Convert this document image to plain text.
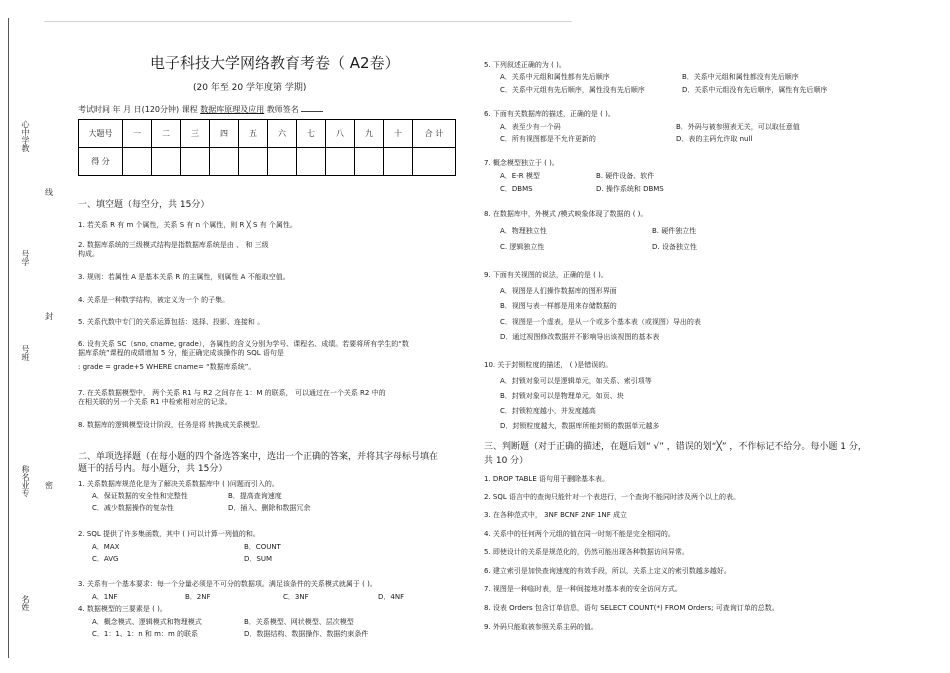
…………………………………………………………………………………………………………………………………………………………………………………………………………………………………………
心中学教
号学
号班
称名业专
名姓
线
封
密
电子科技大学网络教育考卷（ A2卷）
(20 年至 20 学年度第 学期)
考试时间 年 月 日(120分钟) 课程 数据库原理及应用 教师签名
大题号	一	二	三	四	五	六	七	八	九	十	合 计
得 分											
一、填空题（每空分，共 15分）
1. 若关系 R 有 m 个属性，关系 S 有 n 个属性，则 R ╳ S 有 个属性。
2. 数据库系统的三级模式结构是指数据库系统是由 、 和 三级
构成。
3. 规则：若属性 A 是基本关系 R 的主属性，则属性 A 不能取空值。
4. 关系是一种数学结构，被定义为一个 的子集。
5. 关系代数中专门的关系运算包括：选择、投影、连接和 。
6. 设有关系 SC（sno, cname, grade），各属性的含义分别为学号、课程名、成绩。若要将所有学生的“数
据库系统”课程的成绩增加 5 分，能正确完成该操作的 SQL 语句是
: grade = grade+5 WHERE cname= “数据库系统”。
7. 在关系数据模型中， 两个关系 R1 与 R2 之间存在 1：M 的联系， 可以通过在一个关系 R2 中的
在相关联的另一个关系 R1 中检索相对应的记录。
8. 数据库的逻辑模型设计阶段，任务是将 转换成关系模型。
二、单项选择题（在每小题的四个备选答案中，选出一个正确的答案，并将其字母标号填在
题干的括号内。每小题分，共 15分）
1. 关系数据库规范化是为了解决关系数据库中 ( )问题而引入的。
A．保证数据的安全性和完整性	B．提高查询速度
C．减少数据操作的复杂性	D．插入、删除和数据冗余
2. SQL 提供了许多集函数，其中 ( )可以计算一列值的和。
A．MAX	B．COUNT
C．AVG	D．SUM
3. 关系有一个基本要求：每一个分量必须是不可分的数据项。满足该条件的关系模式就属于 ( )。
A．1NF	B．2NF	C．3NF	D．4NF
4. 数据模型的三要素是 ( )。
A．概念模式、逻辑模式和物理模式	B．关系模型、网状模型、层次模型
C．1：1、1：n 和 m：m 的联系	D．数据结构、数据操作、数据约束条件
5. 下列叙述正确的为 ( )。
A．关系中元组和属性都有先后顺序	B．关系中元组和属性都没有先后顺序
C．关系中元组有先后顺序，属性没有先后顺序	D．关系中元组没有先后顺序，属性有先后顺序
6. 下面有关数据库的描述，正确的是 ( )。
A．表至少有一个码	B．外码与被参照表无关，可以取任意值
C．所有视图都是不允许更新的	D．表的主码允许取 null
7. 概念模型独立于 ( )。
A．E-R 模型	B. 硬件设备、软件
C．DBMS	D. 操作系统和 DBMS
8. 在数据库中，外模式 /模式映象体现了数据的 ( )。
A．物理独立性	B. 硬件独立性
C. 逻辑独立性	D. 设备独立性
9. 下面有关视图的说法，正确的是 ( )。
A．视图是人们操作数据库的图形界面
B．视图与表一样都是用来存储数据的
C．视图是一个虚表，是从一个或多个基本表（或视图）导出的表
D．通过视图修改数据并不影响导出该视图的基本表
10. 关于封锁粒度的描述， ( )是错误的。
A．封锁对象可以是逻辑单元，如关系、索引项等
B．封锁对象可以是物理单元，如页、块
C．封锁粒度越小，并发度越高
D．封锁粒度越大，数据库所能封锁的数据单元越多
三、判断题（对于正确的描述，在题后划“ √” ，错误的划“╳” ，不作标记不给分。每小题 1 分，
共 10 分）
1. DROP TABLE 语句用于删除基本表。
2. SQL 语言中的查询只能针对一个表进行，一个查询不能同时涉及两个以上的表。
3. 在各种范式中， 3NF BCNF 2NF 1NF 成立
4. 关系中的任何两个元组的值在同一时刻不能是完全相同的。
5. 即使设计的关系是规范化的，仍然可能出现各种数据访问异常。
6. 建立索引是加快查询速度的有效手段，所以，关系上定义的索引数越多越好。
7. 视图是一种临时表，是一种间接地对基本表的安全访问方式。
8. 设表 Orders 包含订单信息，语句 SELECT COUNT(*) FROM Orders; 可查询订单的总数。
9. 外码只能取被参照关系主码的值。
